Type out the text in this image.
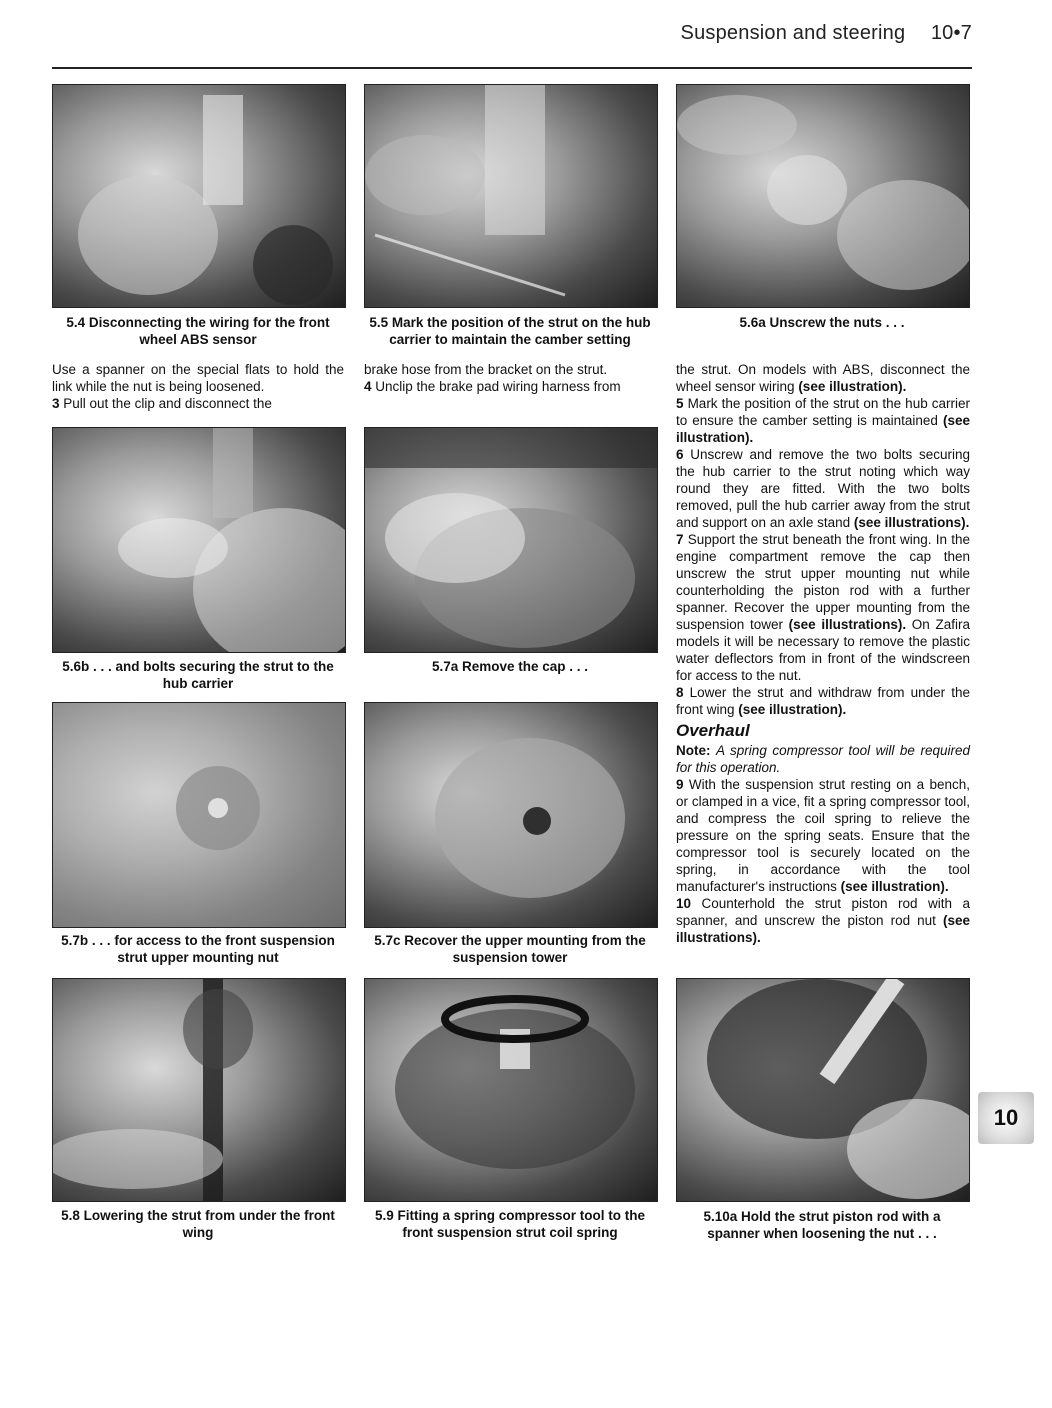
Suspension and steering 10•7
5.4 Disconnecting the wiring for the front wheel ABS sensor
5.5 Mark the position of the strut on the hub carrier to maintain the camber setting
5.6a Unscrew the nuts . . .

Use a spanner on the special flats to hold the link while the nut is being loosened.

3 Pull out the clip and disconnect the

brake hose from the bracket on the strut.

4 Unclip the brake pad wiring harness from

the strut. On models with ABS, disconnect the wheel sensor wiring (see illustration).

5 Mark the position of the strut on the hub carrier to ensure the camber setting is maintained (see illustration).

6 Unscrew and remove the two bolts securing the hub carrier to the strut noting which way round they are fitted. With the two bolts removed, pull the hub carrier away from the strut and support on an axle stand (see illustrations).

7 Support the strut beneath the front wing. In the engine compartment remove the cap then unscrew the strut upper mounting nut while counterholding the piston rod with a further spanner. Recover the upper mounting from the suspension tower (see illustrations). On Zafira models it will be necessary to remove the plastic water deflectors from in front of the windscreen for access to the nut.

8 Lower the strut and withdraw from under the front wing (see illustration).

Overhaul

Note: A spring compressor tool will be required for this operation.

9 With the suspension strut resting on a bench, or clamped in a vice, fit a spring compressor tool, and compress the coil spring to relieve the pressure on the spring seats. Ensure that the compressor tool is securely located on the spring, in accordance with the tool manufacturer's instructions (see illustration).

10 Counterhold the strut piston rod with a spanner, and unscrew the piston rod nut (see illustrations).

5.6b . . . and bolts securing the strut to the hub carrier
5.7a Remove the cap . . .
5.7b . . . for access to the front suspension strut upper mounting nut
5.7c Recover the upper mounting from the suspension tower
5.8 Lowering the strut from under the front wing
5.9 Fitting a spring compressor tool to the front suspension strut coil spring
5.10a Hold the strut piston rod with a spanner when loosening the nut . . .
10
